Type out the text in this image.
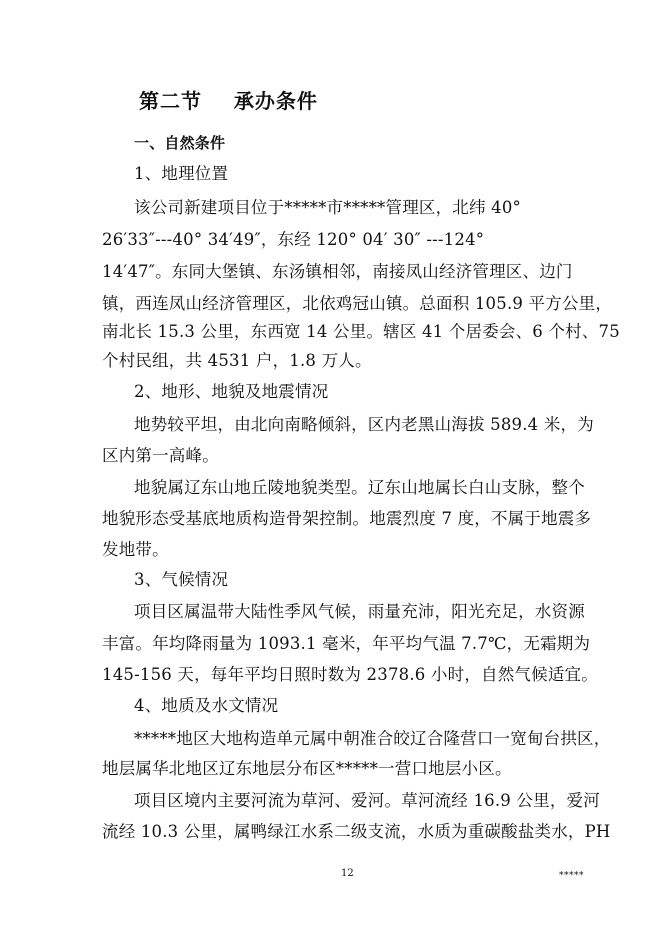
第二节    承办条件
一、自然条件
1、地理位置
该公司新建项目位于*****市*****管理区，北纬 40°
26′33″---40° 34′49″，东经 120° 04′ 30″ ---124°
14′47″。东同大堡镇、东汤镇相邻，南接凤山经济管理区、边门
镇，西连凤山经济管理区，北依鸡冠山镇。总面积 105.9 平方公里，
南北长 15.3 公里，东西宽 14 公里。辖区 41 个居委会、6 个村、75
个村民组，共 4531 户，1.8 万人。
2、地形、地貌及地震情况
地势较平坦，由北向南略倾斜，区内老黑山海拔 589.4 米，为
区内第一高峰。
地貌属辽东山地丘陵地貌类型。辽东山地属长白山支脉，整个
地貌形态受基底地质构造骨架控制。地震烈度 7 度，不属于地震多
发地带。
3、气候情况
项目区属温带大陆性季风气候，雨量充沛，阳光充足，水资源
丰富。年均降雨量为 1093.1 毫米，年平均气温 7.7℃，无霜期为
145-156 天，每年平均日照时数为 2378.6 小时，自然气候适宜。
4、地质及水文情况
*****地区大地构造单元属中朝准合皎辽合隆营口一宽甸台拱区，
地层属华北地区辽东地层分布区*****一营口地层小区。
项目区境内主要河流为草河、爱河。草河流经 16.9 公里，爱河
流经 10.3 公里，属鸭绿江水系二级支流，水质为重碳酸盐类水，PH
12	*****
